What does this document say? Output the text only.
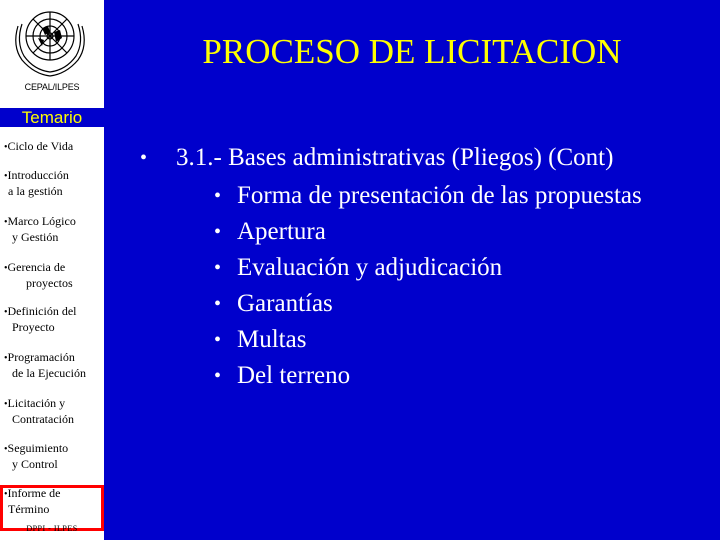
CEPAL/ILPES
PROCESO DE LICITACION
Temario
•Ciclo de Vida
•Introducción
a la gestión
•Marco Lógico
y Gestión
•Gerencia de
proyectos
•Definición del
Proyecto
•Programación
de la Ejecución
•Licitación y
Contratación
•Seguimiento
y Control
•Informe de
Término
DPPI - ILPES
• 3.1.- Bases administrativas (Pliegos) (Cont)
• Forma de presentación de las propuestas
• Apertura
• Evaluación y adjudicación
• Garantías
• Multas
• Del terreno
